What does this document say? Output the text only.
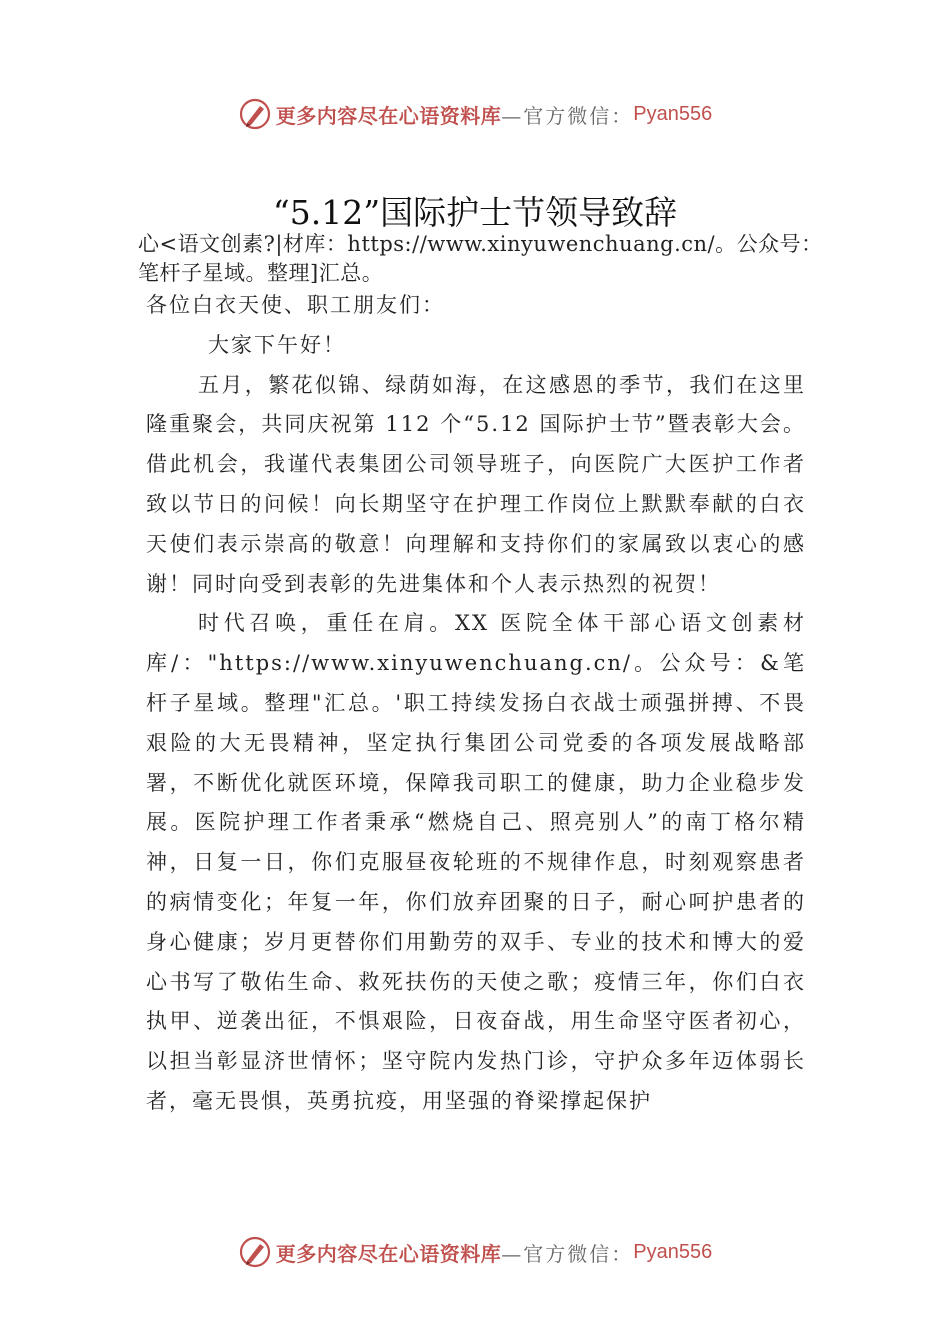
更多内容尽在心语资料库 —官方微信： Pyan556
“5.12”国际护士节领导致辞
心<语文创素?|材库：https://www.xinyuwenchuang.cn/。公众号：笔杆子星域。整理]汇总。

各位白衣天使、职工朋友们：

大家下午好！

五月，繁花似锦、绿荫如海，在这感恩的季节，我们在这里隆重聚会，共同庆祝第 112 个“5.12 国际护士节”暨表彰大会。借此机会，我谨代表集团公司领导班子，向医院广大医护工作者致以节日的问候！向长期坚守在护理工作岗位上默默奉献的白衣天使们表示崇高的敬意！向理解和支持你们的家属致以衷心的感谢！同时向受到表彰的先进集体和个人表示热烈的祝贺！

时代召唤，重任在肩。XX 医院全体干部心语文创素材库/："https://www.xinyuwenchuang.cn/。公众号：&笔杆子星域。整理"汇总。'职工持续发扬白衣战士顽强拼搏、不畏艰险的大无畏精神，坚定执行集团公司党委的各项发展战略部署，不断优化就医环境，保障我司职工的健康，助力企业稳步发展。医院护理工作者秉承“燃烧自己、照亮别人”的南丁格尔精神，日复一日，你们克服昼夜轮班的不规律作息，时刻观察患者的病情变化；年复一年，你们放弃团聚的日子，耐心呵护患者的身心健康；岁月更替你们用勤劳的双手、专业的技术和博大的爱心书写了敬佑生命、救死扶伤的天使之歌；疫情三年，你们白衣执甲、逆袭出征，不惧艰险，日夜奋战，用生命坚守医者初心，以担当彰显济世情怀；坚守院内发热门诊，守护众多年迈体弱长者，毫无畏惧，英勇抗疫，用坚强的脊梁撑起保护

更多内容尽在心语资料库 —官方微信： Pyan556
